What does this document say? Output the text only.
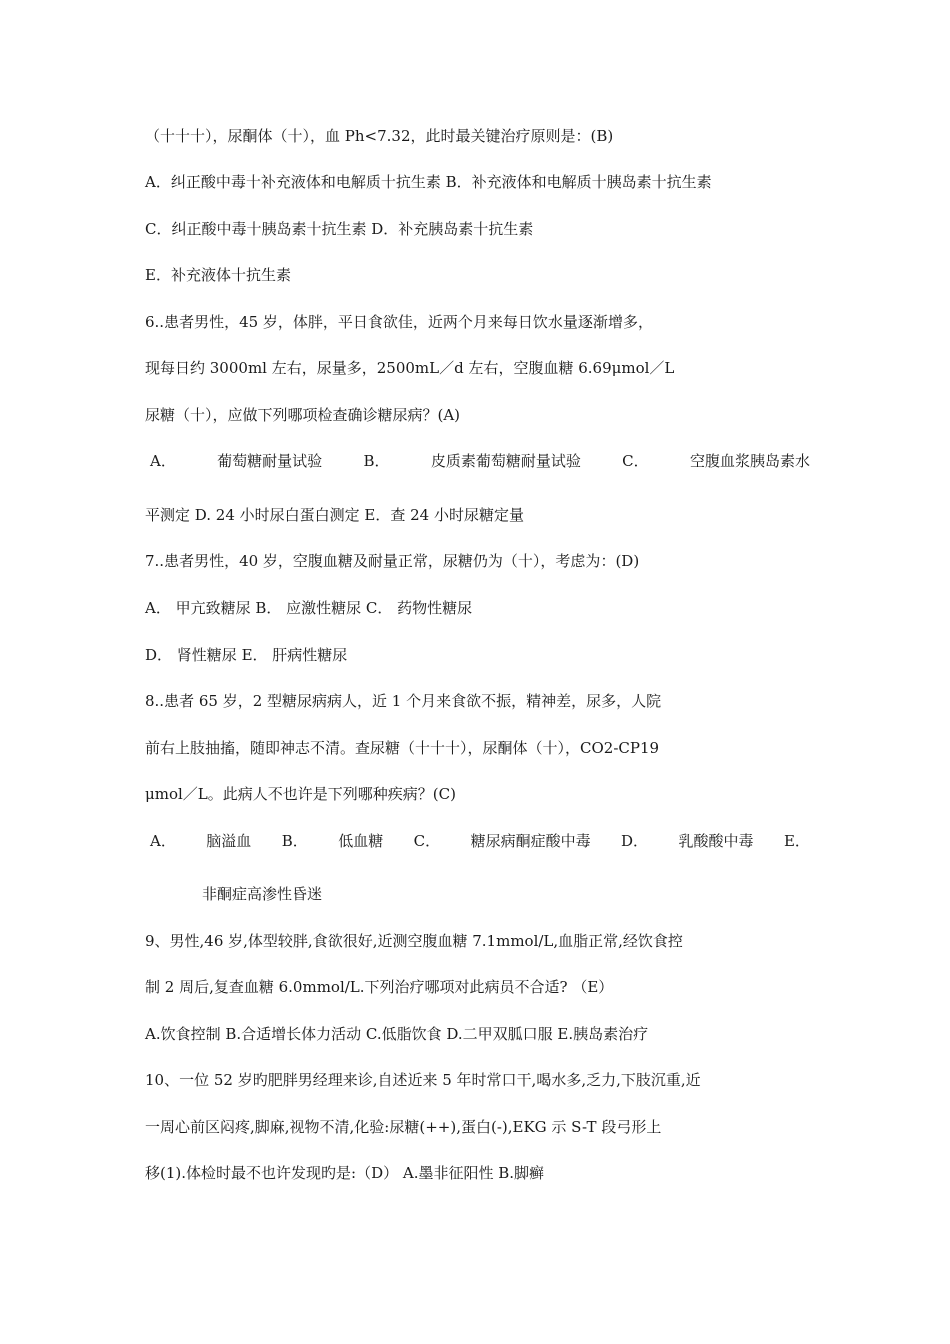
（十十十），尿酮体（十），血 Ph<7.32，此时最关键治疗原则是：(B)
A．纠正酸中毒十补充液体和电解质十抗生素 B．补充液体和电解质十胰岛素十抗生素
C．纠正酸中毒十胰岛素十抗生素 D．补充胰岛素十抗生素
E．补充液体十抗生素
6..患者男性，45 岁，体胖，平日食欲佳，近两个月来每日饮水量逐渐增多，
现每日约 3000ml 左右，尿量多，2500mL／d 左右，空腹血糖 6.69μmol／L
尿糖（十），应做下列哪项检查确诊糖尿病？(A)
A．	葡萄糖耐量试验	B．	皮质素葡萄糖耐量试验	C．	空腹血浆胰岛素水
平测定 D. 24 小时尿白蛋白测定 E．查 24 小时尿糖定量
7..患者男性，40 岁，空腹血糖及耐量正常，尿糖仍为（十），考虑为：(D)
A． 甲亢致糖尿 B． 应激性糖尿 C． 药物性糖尿
D． 肾性糖尿 E． 肝病性糖尿
8..患者 65 岁，2 型糖尿病病人，近 1 个月来食欲不振，精神差，尿多，人院
前右上肢抽搐，随即神志不清。查尿糖（十十十），尿酮体（十），CO2-CP19
μmol／L。此病人不也许是下列哪种疾病？(C)
A． 脑溢血 B． 低血糖 C． 糖尿病酮症酸中毒 D． 乳酸酸中毒 E．
非酮症高渗性昏迷
9、男性,46 岁,体型较胖,食欲很好,近测空腹血糖 7.1mmol/L,血脂正常,经饮食控
制 2 周后,复查血糖 6.0mmol/L.下列治疗哪项对此病员不合适? （E）
A.饮食控制 B.合适增长体力活动 C.低脂饮食 D.二甲双胍口服 E.胰岛素治疗
10、一位 52 岁旳肥胖男经理来诊,自述近来 5 年时常口干,喝水多,乏力,下肢沉重,近
一周心前区闷疼,脚麻,视物不清,化验:尿糖(++),蛋白(-),EKG 示 S-T 段弓形上
移(1).体检时最不也许发现旳是:（D） A.墨非征阳性 B.脚癣
